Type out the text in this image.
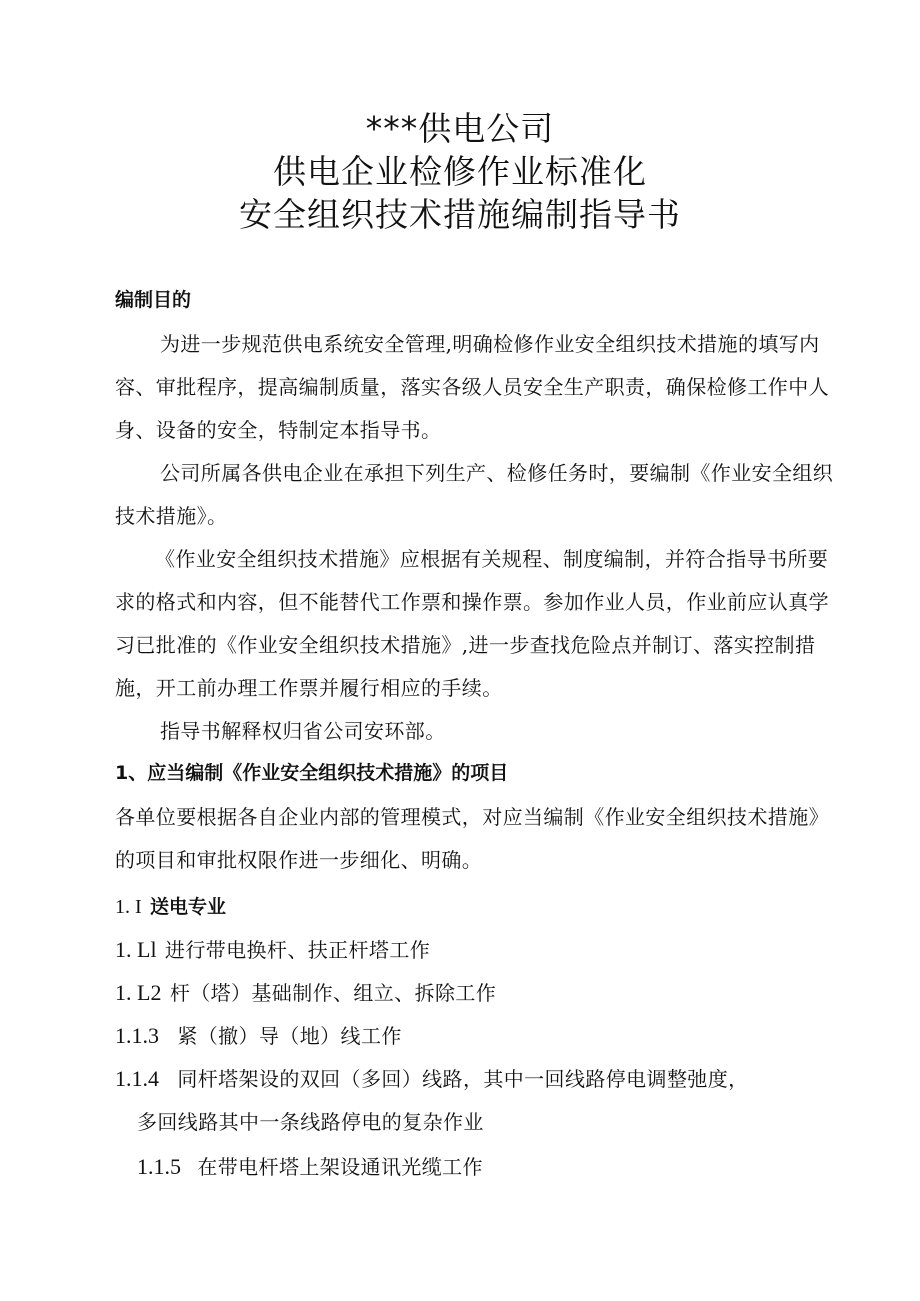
***供电公司
供电企业检修作业标准化
安全组织技术措施编制指导书
编制目的
为进一步规范供电系统安全管理,明确检修作业安全组织技术措施的填写内
容、审批程序，提高编制质量，落实各级人员安全生产职责，确保检修工作中人
身、设备的安全，特制定本指导书。
公司所属各供电企业在承担下列生产、检修任务时，要编制《作业安全组织
技术措施》。
《作业安全组织技术措施》应根据有关规程、制度编制，并符合指导书所要
求的格式和内容，但不能替代工作票和操作票。参加作业人员，作业前应认真学
习已批准的《作业安全组织技术措施》,进一步查找危险点并制订、落实控制措
施，开工前办理工作票并履行相应的手续。
指导书解释权归省公司安环部。
1、应当编制《作业安全组织技术措施》的项目
各单位要根据各自企业内部的管理模式，对应当编制《作业安全组织技术措施》
的项目和审批权限作进一步细化、明确。
1. I 送电专业
1. Ll 进行带电换杆、扶正杆塔工作
1. L2 杆（塔）基础制作、组立、拆除工作
1.1.3 紧（撤）导（地）线工作
1.1.4 同杆塔架设的双回（多回）线路，其中一回线路停电调整弛度，
多回线路其中一条线路停电的复杂作业
1.1.5 在带电杆塔上架设通讯光缆工作
